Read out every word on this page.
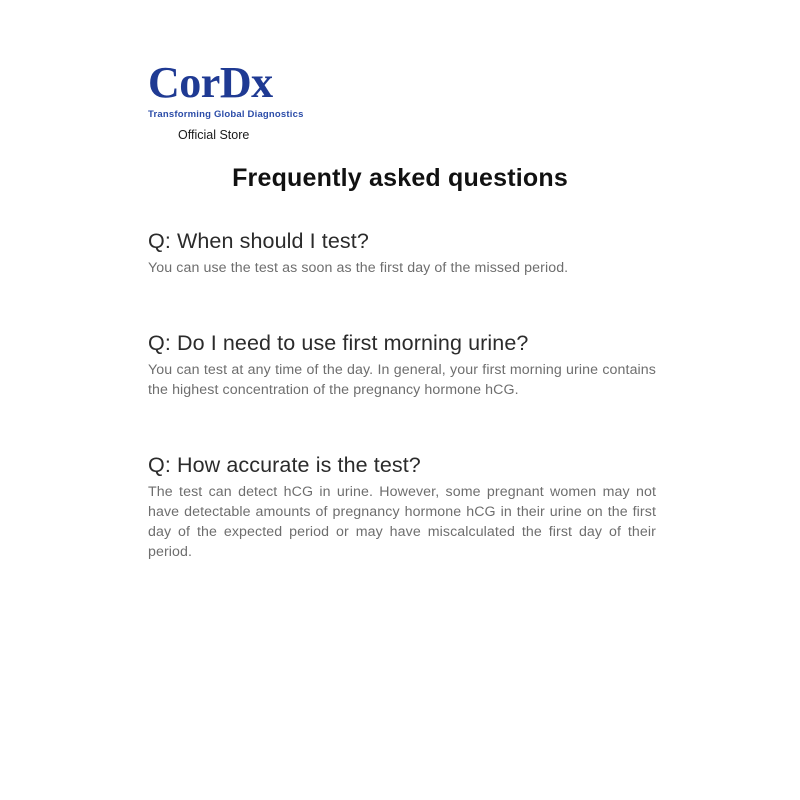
CorDx
Transforming Global Diagnostics
Official Store
Frequently asked questions
Q: When should I test?
You can use the test as soon as the first day of the missed period.
Q: Do I need to use first morning urine?
You can test at any time of the day. In general, your first morning urine contains the highest concentration of the pregnancy hormone hCG.
Q: How accurate is the test?
The test can detect hCG in urine. However, some pregnant women may not have detectable amounts of pregnancy hormone hCG in their urine on the first day of the expected period or may have miscalculated the first day of their period.
